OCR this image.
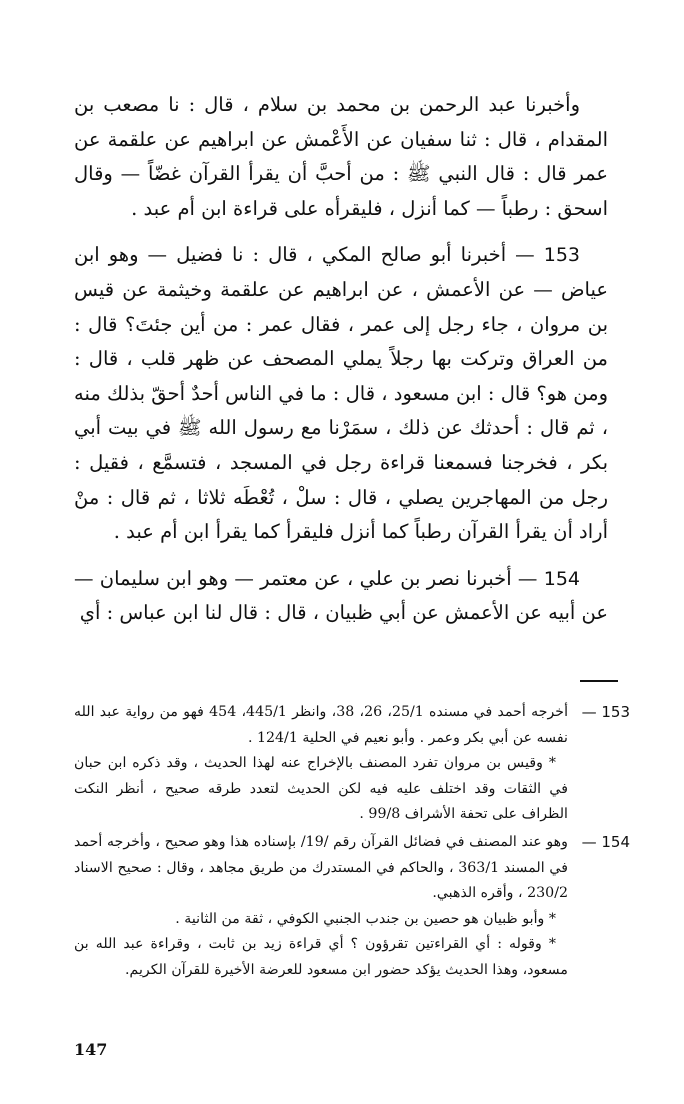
وأخبرنا عبد الرحمن بن محمد بن سلام ، قال : نا مصعب بن المقدام ، قال : ثنا سفيان عن الأَعْمش عن ابراهيم عن علقمة عن عمر قال : قال النبي ﷺ : من أحبَّ أن يقرأ القرآن غضّاً — وقال اسحق : رطباً — كما أنزل ، فليقرأه على قراءة ابن أم عبد .

153 — أخبرنا أبو صالح المكي ، قال : نا فضيل — وهو ابن عياض — عن الأعمش ، عن ابراهيم عن علقمة وخيثمة عن قيس بن مروان ، جاء رجل إلى عمر ، فقال عمر : من أين جئتَ؟ قال : من العراق وتركت بها رجلاً يملي المصحف عن ظهر قلب ، قال : ومن هو؟ قال : ابن مسعود ، قال : ما في الناس أحدٌ أحقّ بذلك منه ، ثم قال : أحدثك عن ذلك ، سمَرْنا مع رسول الله ﷺ في بيت أبي بكر ، فخرجنا فسمعنا قراءة رجل في المسجد ، فتسمَّع ، فقيل : رجل من المهاجرين يصلي ، قال : سلْ ، تُعْطَه ثلاثا ، ثم قال : منْ أراد أن يقرأ القرآن رطباً كما أنزل فليقرأ كما يقرأ ابن أم عبد .

154 — أخبرنا نصر بن علي ، عن معتمر — وهو ابن سليمان — عن أبيه عن الأعمش عن أبي ظبيان ، قال : قال لنا ابن عباس : أي

153 —

أخرجه أحمد في مسنده 25/1، 26، 38، وانظر 445/1، 454 فهو من رواية عبد الله نفسه عن أبي بكر وعمر . وأبو نعيم في الحلية 124/1 .

* وقيس بن مروان تفرد المصنف بالإخراج عنه لهذا الحديث ، وقد ذكره ابن حبان في الثقات وقد اختلف عليه فيه لكن الحديث لتعدد طرقه صحيح ، أنظر النكت الظراف على تحفة الأشراف 99/8 .

154 —

وهو عند المصنف في فضائل القرآن رقم /19/ بإسناده هذا وهو صحيح ، وأخرجه أحمد في المسند 363/1 ، والحاكم في المستدرك من طريق مجاهد ، وقال : صحيح الاسناد 230/2 ، وأقره الذهبي.

* وأبو ظبيان هو حصين بن جندب الجنبي الكوفي ، ثقة من الثانية .

* وقوله : أي القراءتين تقرؤون ؟ أي قراءة زيد بن ثابت ، وقراءة عبد الله بن مسعود، وهذا الحديث يؤكد حضور ابن مسعود للعرضة الأخيرة للقرآن الكريم.

147
